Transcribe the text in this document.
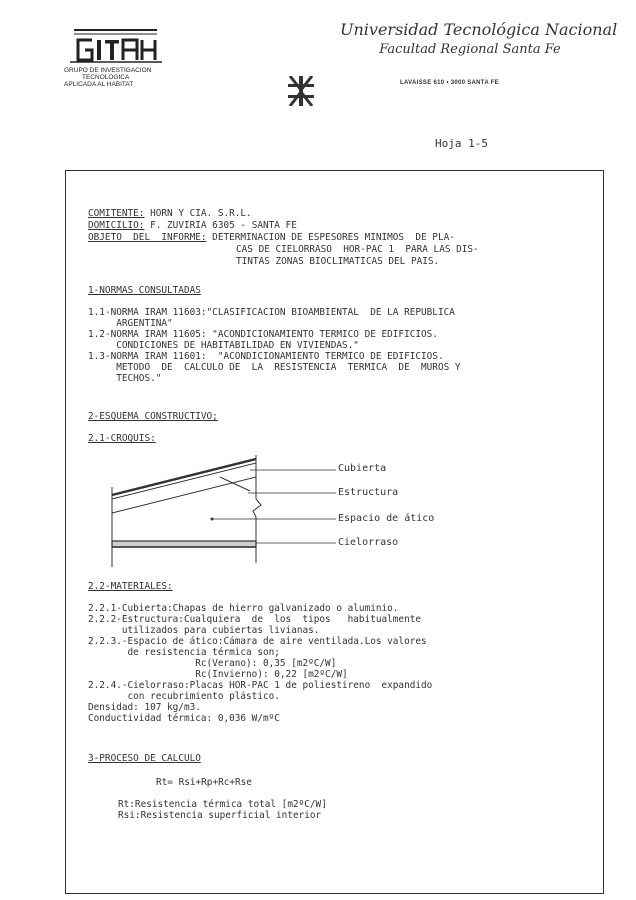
GRUPO DE INVESTIGACION
TECNOLOGICA
APLICADA AL HABITAT
Universidad Tecnológica Nacional
Facultad Regional Santa Fe
LAVAISSE 610 • 3000 SANTA FE
Hoja 1-5
COMITENTE: HORN Y CIA. S.R.L.
DOMICILIO: F. ZUVIRIA 6305 - SANTA FE
OBJETO  DEL  INFORME: DETERMINACION DE ESPESORES MINIMOS  DE PLA-
CAS DE CIELORRASO  HOR-PAC 1  PARA LAS DIS-
TINTAS ZONAS BIOCLIMATICAS DEL PAIS.
1-NORMAS CONSULTADAS
1.1-NORMA IRAM 11603:"CLASIFICACION BIOAMBIENTAL  DE LA REPUBLICA
ARGENTINA"
1.2-NORMA IRAM 11605: "ACONDICIONAMIENTO TERMICO DE EDIFICIOS.
CONDICIONES DE HABITABILIDAD EN VIVIENDAS."
1.3-NORMA IRAM 11601:  "ACONDICIONAMIENTO TERMICO DE EDIFICIOS.
METODO  DE  CALCULO DE  LA  RESISTENCIA  TERMICA  DE  MUROS Y
TECHOS."
2-ESQUEMA CONSTRUCTIVO;
2.1-CROQUIS:
Cubierta
Estructura
Espacio de ático
Cielorraso
2.2-MATERIALES:
2.2.1-Cubierta:Chapas de hierro galvanizado o aluminio.
2.2.2-Estructura:Cualquiera  de  los  tipos   habitualmente
utilizados para cubiertas livianas.
2.2.3.-Espacio de ático:Cámara de aire ventilada.Los valores
de resistencia térmica son;
Rc(Verano): 0,35 [m2ºC/W]
Rc(Invierno): 0,22 [m2ºC/W]
2.2.4.-Cielorraso:Placas HOR-PAC 1 de poliestireno  expandido
con recubrimiento plástico.
Densidad: 107 kg/m3.
Conductividad térmica: 0,036 W/mºC
3-PROCESO DE CALCULO
Rt= Rsi+Rp+Rc+Rse
Rt:Resistencia térmica total [m2ºC/W]
Rsi:Resistencia superficial interior
